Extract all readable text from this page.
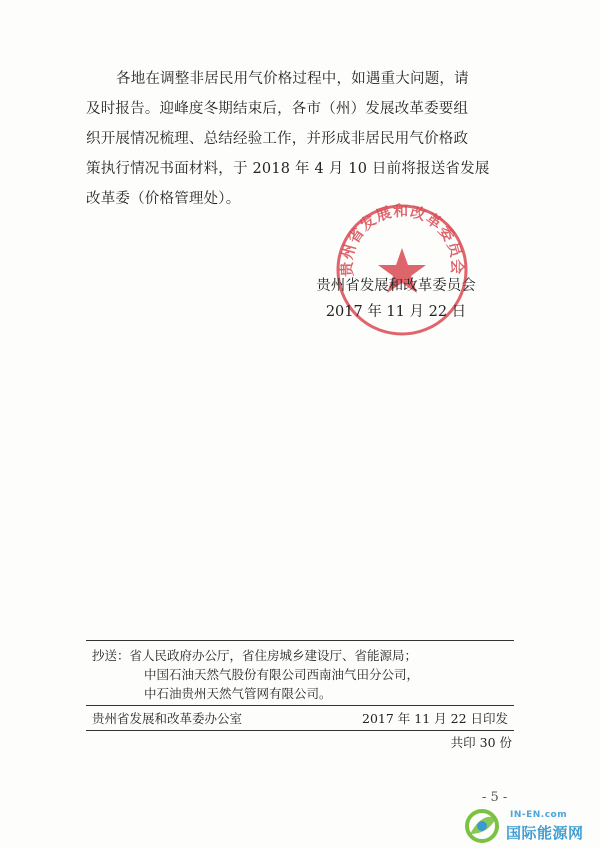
各地在调整非居民用气价格过程中，如遇重大问题，请
及时报告。迎峰度冬期结束后，各市（州）发展改革委要组
织开展情况梳理、总结经验工作，并形成非居民用气价格政
策执行情况书面材料，于 2018 年 4 月 10 日前将报送省发展
改革委（价格管理处）。
贵州省发展和改革委员会
贵州省发展和改革委员会
2017 年 11 月 22 日
抄送：省人民政府办公厅，省住房城乡建设厅、省能源局；
中国石油天然气股份有限公司西南油气田分公司，
中石油贵州天然气管网有限公司。
贵州省发展和改革委办公室	2017 年 11 月 22 日印发
共印 30 份
- 5 -
IN-EN.com
国际能源网
